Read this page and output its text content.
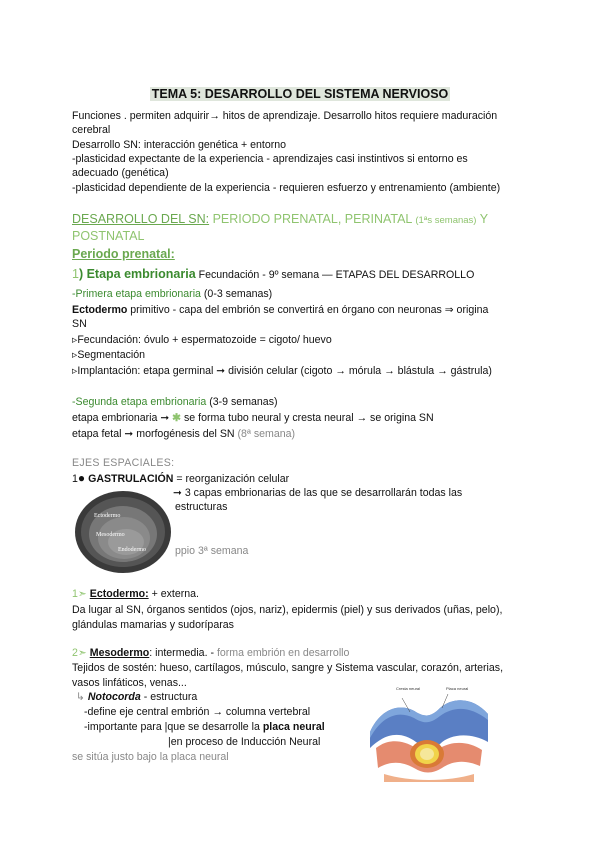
TEMA 5: DESARROLLO DEL SISTEMA NERVIOSO
Funciones . permiten adquirir→ hitos de aprendizaje. Desarrollo hitos requiere maduración
cerebral
Desarrollo SN: interacción genética + entorno
-plasticidad expectante de la experiencia - aprendizajes casi instintivos si entorno es
adecuado (genética)
-plasticidad dependiente de la experiencia - requieren esfuerzo y entrenamiento (ambiente)
DESARROLLO DEL SN: PERIODO PRENATAL, PERINATAL (1ªs semanas) Y
POSTNATAL
Periodo prenatal:
1) Etapa embrionaria Fecundación - 9º semana — ETAPAS DEL DESARROLLO
-Primera etapa embrionaria (0-3 semanas)
Ectodermo primitivo - capa del embrión se convertirá en órgano con neuronas ⇒ origina
SN
▹Fecundación: óvulo + espermatozoide = cigoto/ huevo
▹Segmentación
▹Implantación: etapa germinal ➞ división celular (cigoto → mórula → blástula → gástrula)
-Segunda etapa embrionaria (3-9 semanas)
etapa embrionaria ➞ ✱ se forma tubo neural y cresta neural → se origina SN
etapa fetal ➞ morfogénesis del SN (8ª semana)
EJES ESPACIALES:
1● GASTRULACIÓN = reorganización celular
➞ 3 capas embrionarias de las que se desarrollarán todas las
estructuras
ppio 3ª semana
Ectodermo
Mesodermo
Endodermo
1➣ Ectodermo: + externa.
Da lugar al SN, órganos sentidos (ojos, nariz), epidermis (piel) y sus derivados (uñas, pelo),
glándulas mamarias y sudoríparas
2➣ Mesodermo: intermedia. - forma embrión en desarrollo
Tejidos de sostén: hueso, cartílagos, músculo, sangre y Sistema vascular, corazón, arterias,
vasos linfáticos, venas...
↳ Notocorda - estructura
-define eje central embrión → columna vertebral
-importante para |que se desarrolle la placa neural
|en proceso de Inducción Neural
se sitúa justo bajo la placa neural
Cresta neural	Placa neural
